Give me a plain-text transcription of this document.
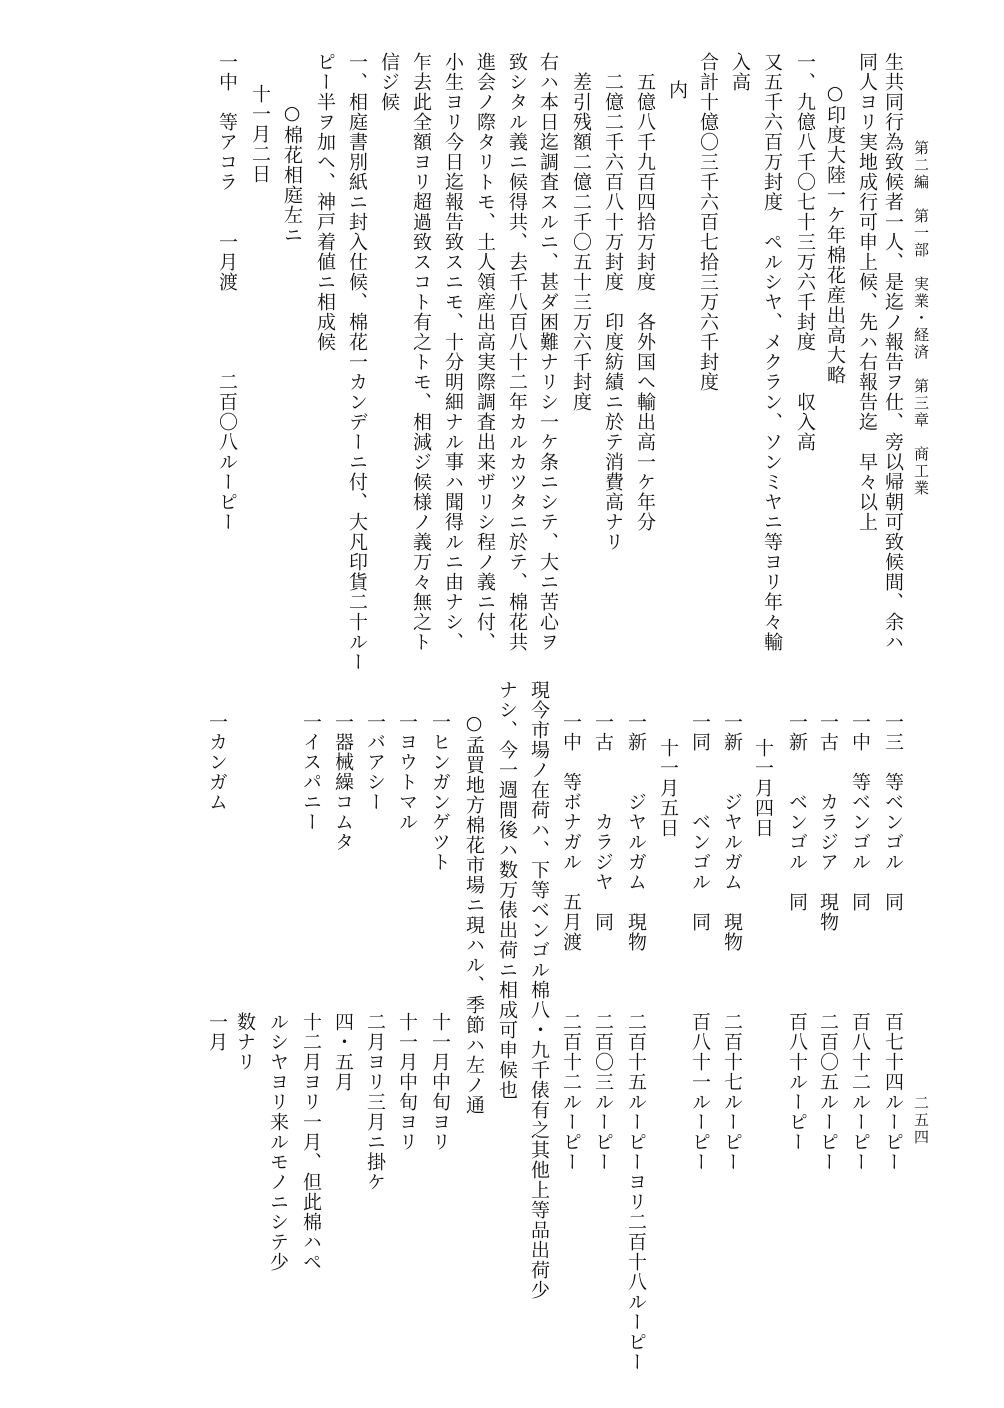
第二編　第一部　実業・経済　第三章　商工業
二五四
生共同行為致候者一人、是迄ノ報告ヲ仕、旁以帰朝可致候間、余ハ
同人ヨリ実地成行可申上候、先ハ右報告迄　早々以上
○印度大陸一ケ年棉花産出高大略
一、九億八千〇七十三万六千封度　　収入高
又五千六百万封度　ペルシヤ、メクラン、ソンミヤニ等ヨリ年々輸
入高
合計十億〇三千六百七拾三万六千封度
内
五億八千九百四拾万封度　各外国へ輸出高一ケ年分
二億二千六百八十万封度　印度紡績ニ於テ消費高ナリ
差引残額二億二千〇五十三万六千封度
右ハ本日迄調査スルニ、甚ダ困難ナリシ一ケ条ニシテ、大ニ苦心ヲ
致シタル義ニ候得共、去千八百八十二年カルカツタニ於テ、棉花共
進会ノ際タリトモ、土人領産出高実際調査出来ザリシ程ノ義ニ付、
小生ヨリ今日迄報告致スニモ、十分明細ナル事ハ聞得ルニ由ナシ、
乍去此全額ヨリ超過致スコト有之トモ、相減ジ候様ノ義万々無之ト
信ジ候
一、相庭書別紙ニ封入仕候、棉花一カンデーニ付、大凡印貨二十ルー
ピー半ヲ加ヘ、神戸着値ニ相成候
○棉花相庭左ニ
十一月二日
一中　等アコラ　　一月渡　　　　二百〇八ルーピー
一三　等ベンゴル　同　　　　　百七十四ルーピー
一中　等ベンゴル　同　　　　　百八十二ルーピー
一古　　カラジア　現物　　　　二百〇五ルーピー
一新　　ベンゴル　同　　　　　百八十ルーピー
十一月四日
一新　　ジヤルガム　現物　　　二百十七ルーピー
一同　　　ベンゴル　同　　　　百八十一ルーピー
十一月五日
一新　　ジヤルガム　現物　　　二百十五ルーピーヨリ二百十八ルーピー
一古　　　カラジヤ　同　　　　二百〇三ルーピー
一中　等ボナガル　五月渡　　　二百十二ルーピー
現今市場ノ在荷ハ、下等ベンゴル棉八・九千俵有之其他上等品出荷少
ナシ、今一週間後ハ数万俵出荷ニ相成可申候也
○孟買地方棉花市場ニ現ハル、季節ハ左ノ通
一ヒンガンゲツト　　　　　　　十一月中旬ヨリ
一ヨウトマル　　　　　　　　　十一月中旬ヨリ
一バアシー　　　　　　　　　　二月ヨリ三月ニ掛ケ
一器械繰コムタ　　　　　　　　四・五月
一イスパニー　　　　　　　　　十二月ヨリ一月、但此棉ハペ
　　　　　　　　　　　　　　　ルシヤヨリ来ルモノニシテ少
　　　　　　　　　　　　　　　数ナリ
一カンガム　　　　　　　　　　一月
